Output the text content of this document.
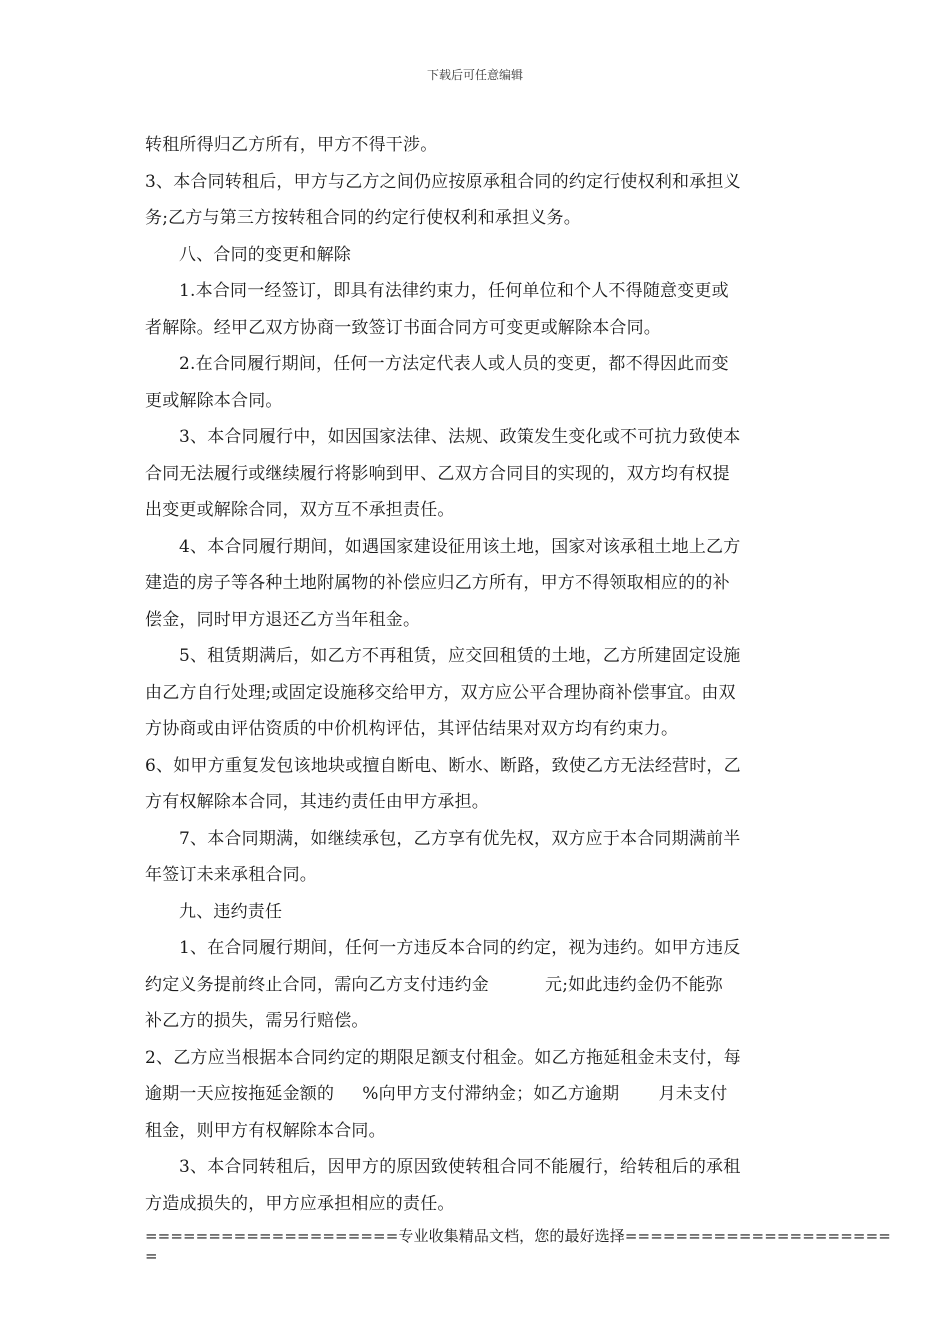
下载后可任意编辑
转租所得归乙方所有，甲方不得干涉。
3、本合同转租后，甲方与乙方之间仍应按原承租合同的约定行使权利和承担义
务;乙方与第三方按转租合同的约定行使权利和承担义务。
八、合同的变更和解除
1.本合同一经签订，即具有法律约束力，任何单位和个人不得随意变更或
者解除。经甲乙双方协商一致签订书面合同方可变更或解除本合同。
2.在合同履行期间，任何一方法定代表人或人员的变更，都不得因此而变
更或解除本合同。
3、本合同履行中，如因国家法律、法规、政策发生变化或不可抗力致使本
合同无法履行或继续履行将影响到甲、乙双方合同目的实现的，双方均有权提
出变更或解除合同，双方互不承担责任。
4、本合同履行期间，如遇国家建设征用该土地，国家对该承租土地上乙方
建造的房子等各种土地附属物的补偿应归乙方所有，甲方不得领取相应的的补
偿金，同时甲方退还乙方当年租金。
5、租赁期满后，如乙方不再租赁，应交回租赁的土地，乙方所建固定设施
由乙方自行处理;或固定设施移交给甲方，双方应公平合理协商补偿事宜。由双
方协商或由评估资质的中价机构评估，其评估结果对双方均有约束力。
6、如甲方重复发包该地块或擅自断电、断水、断路，致使乙方无法经营时，乙
方有权解除本合同，其违约责任由甲方承担。
7、本合同期满，如继续承包，乙方享有优先权，双方应于本合同期满前半
年签订未来承租合同。
九、违约责任
1、在合同履行期间，任何一方违反本合同的约定，视为违约。如甲方违反
约定义务提前终止合同，需向乙方支付违约金          元;如此违约金仍不能弥
补乙方的损失，需另行赔偿。
2、乙方应当根据本合同约定的期限足额支付租金。如乙方拖延租金未支付，每
逾期一天应按拖延金额的     %向甲方支付滞纳金；如乙方逾期       月未支付
租金，则甲方有权解除本合同。
3、本合同转租后，因甲方的原因致使转租合同不能履行，给转租后的承租
方造成损失的，甲方应承担相应的责任。
====================专业收集精品文档，您的最好选择=====================
=
